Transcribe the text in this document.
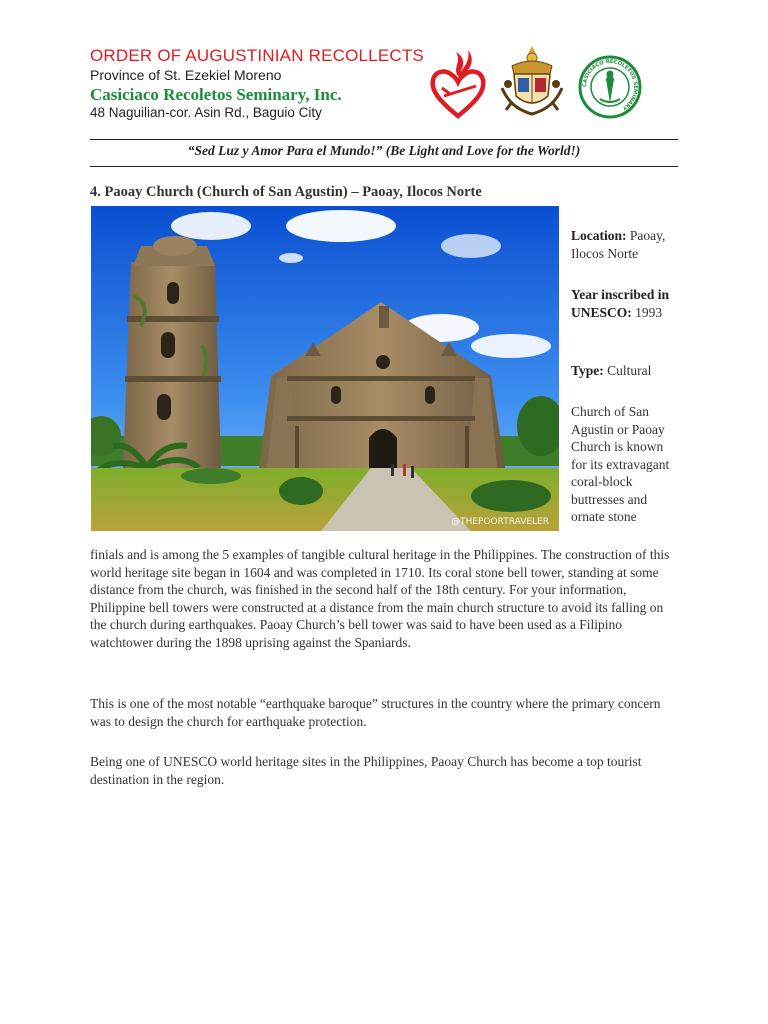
ORDER OF AUGUSTINIAN RECOLLECTS
Province of St. Ezekiel Moreno
Casiciaco Recoletos Seminary, Inc.
48 Naguilian-cor. Asin Rd., Baguio City
CASICIACO RECOLETOS SEMINARY
“Sed Luz y Amor Para el Mundo!” (Be Light and Love for the World!)
4. Paoay Church (Church of San Agustin) – Paoay, Ilocos Norte
@THEPOORTRAVELER
Location: Paoay, Ilocos Norte
Year inscribed in UNESCO: 1993
Type: Cultural
Church of San Agustin or Paoay Church is known for its extravagant coral-block buttresses and ornate stone

finials and is among the 5 examples of tangible cultural heritage in the Philippines. The construction of this world heritage site began in 1604 and was completed in 1710. Its coral stone bell tower, standing at some distance from the church, was finished in the second half of the 18th century. For your information, Philippine bell towers were constructed at a distance from the main church structure to avoid its falling on the church during earthquakes. Paoay Church’s bell tower was said to have been used as a Filipino watchtower during the 1898 uprising against the Spaniards.

This is one of the most notable “earthquake baroque” structures in the country where the primary concern was to design the church for earthquake protection.

Being one of UNESCO world heritage sites in the Philippines, Paoay Church has become a top tourist destination in the region.
